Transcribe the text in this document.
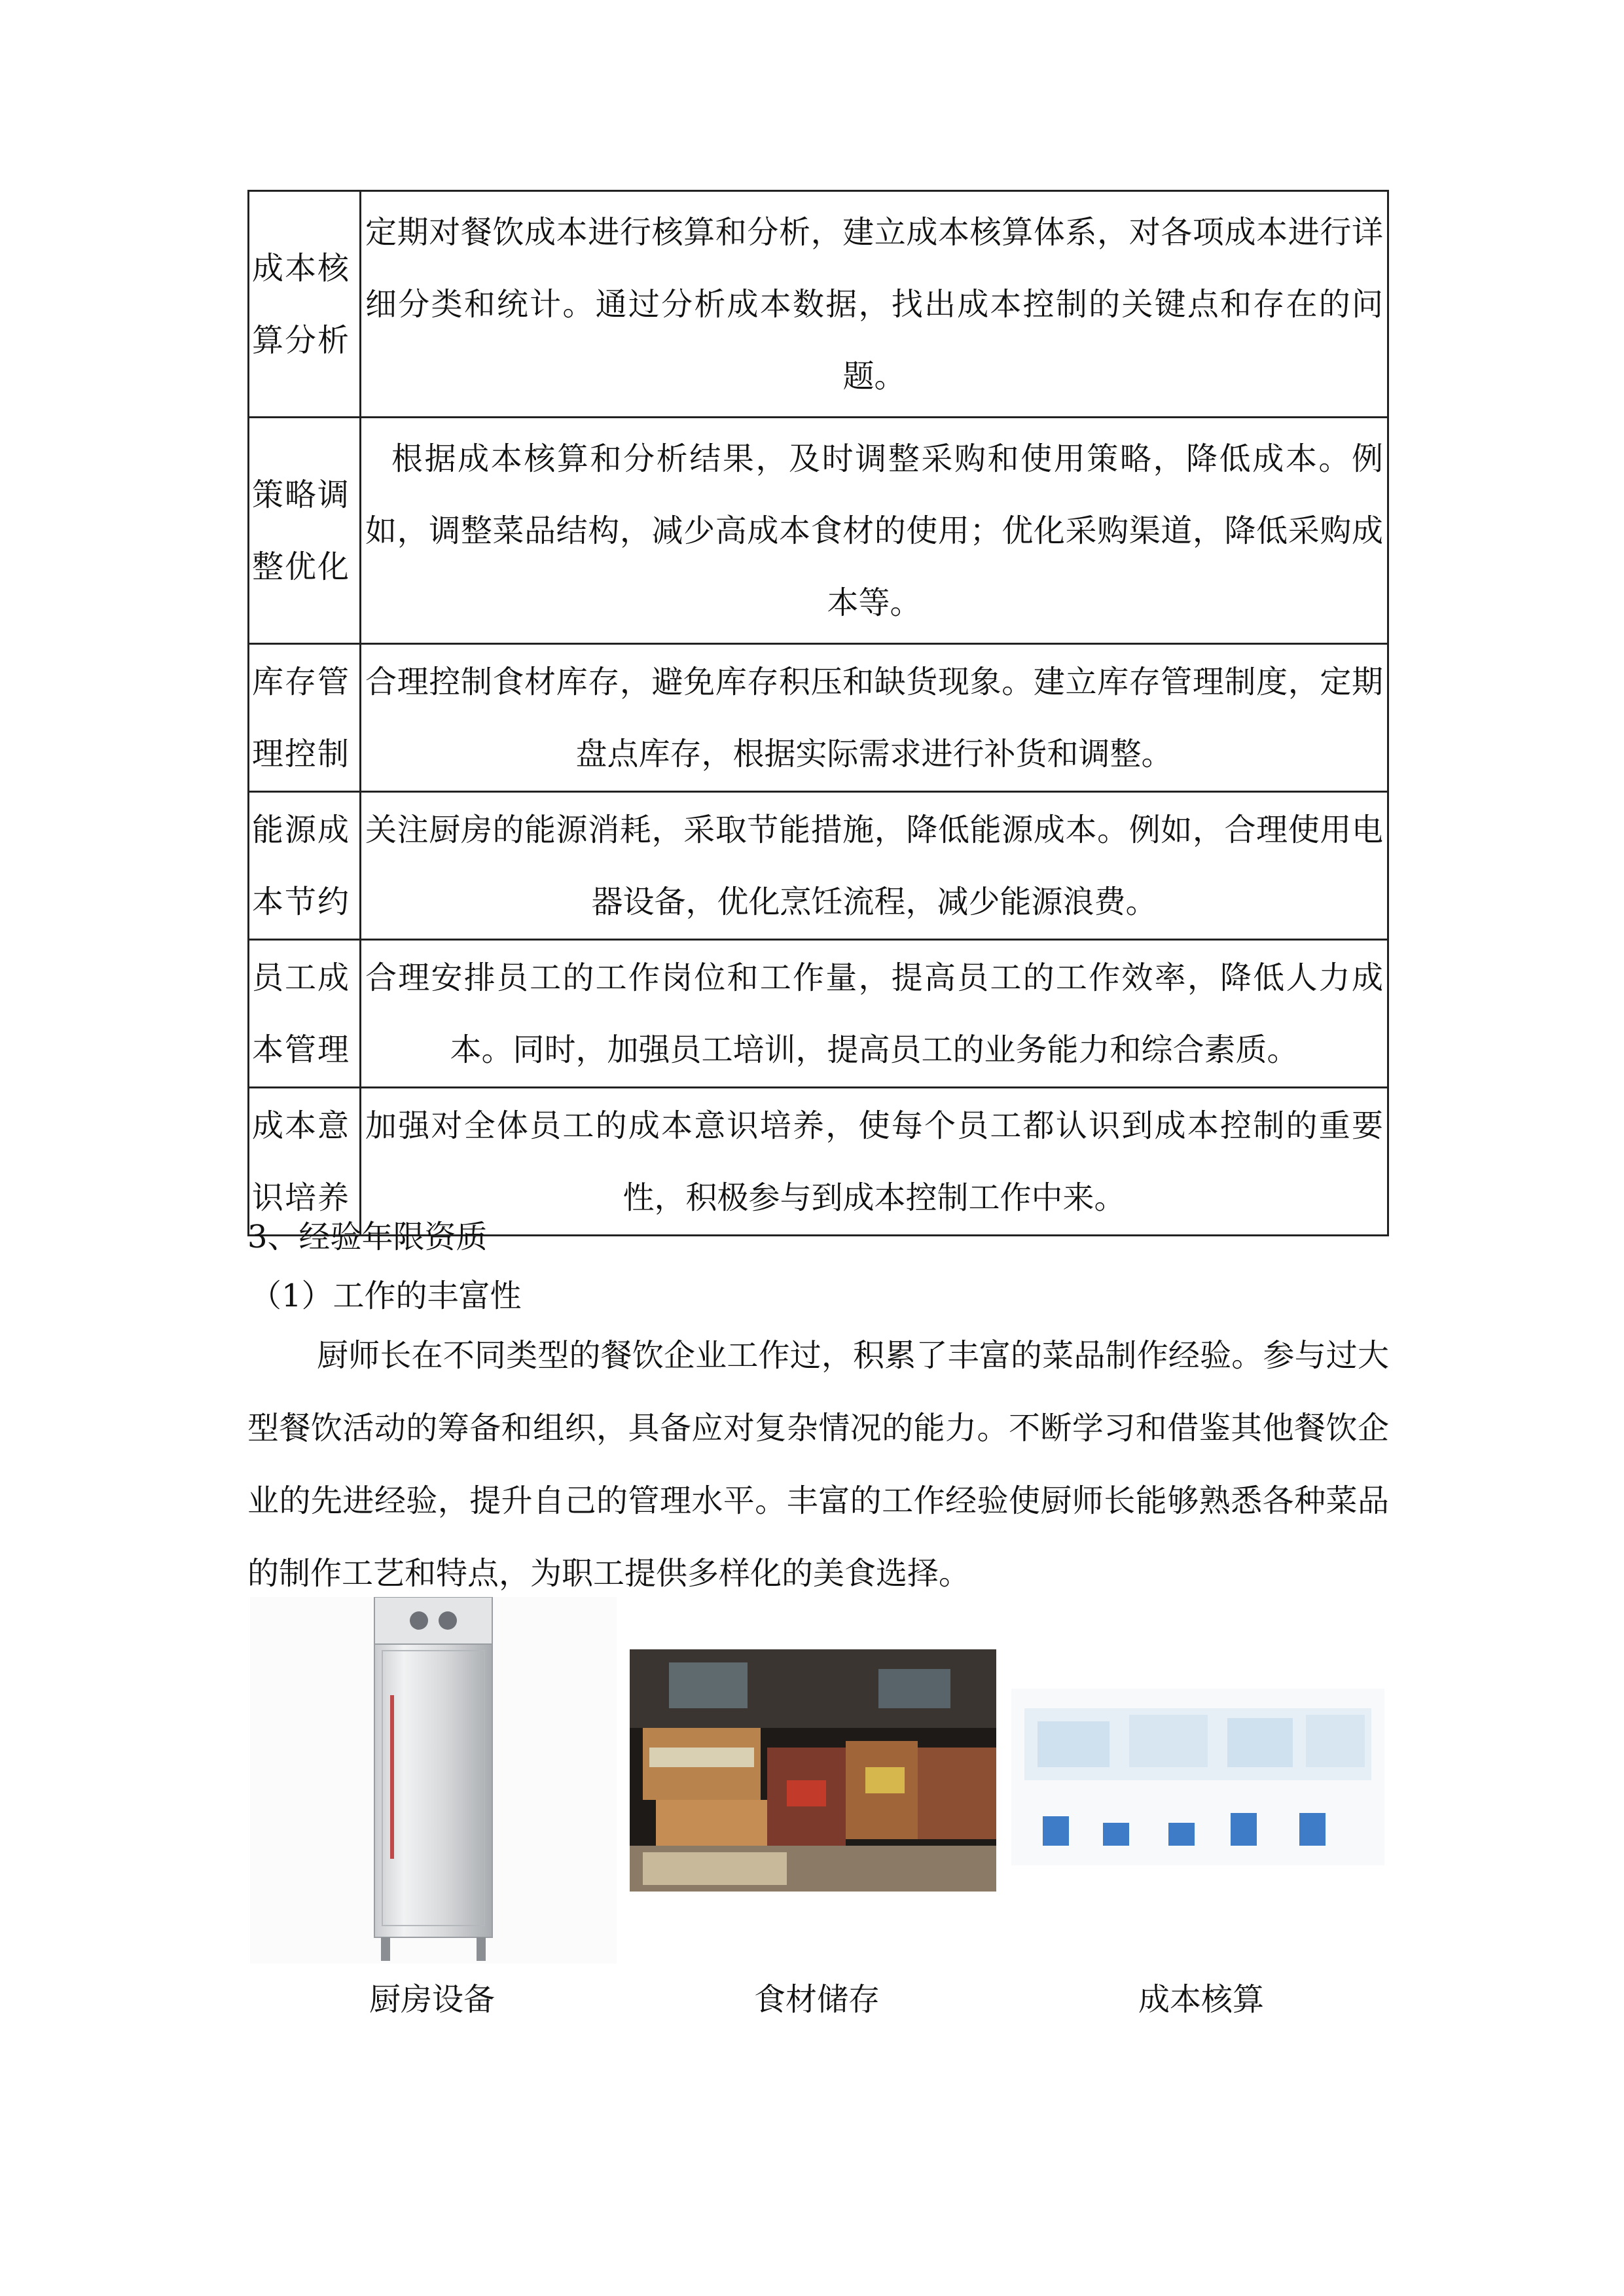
成本核算分析	定期对餐饮成本进行核算和分析，建立成本核算体系，对各项成本进行详细分类和统计。通过分析成本数据，找出成本控制的关键点和存在的问题。
策略调整优化	根据成本核算和分析结果，及时调整采购和使用策略，降低成本。例如，调整菜品结构，减少高成本食材的使用；优化采购渠道，降低采购成本等。
库存管理控制	合理控制食材库存，避免库存积压和缺货现象。建立库存管理制度，定期盘点库存，根据实际需求进行补货和调整。
能源成本节约	关注厨房的能源消耗，采取节能措施，降低能源成本。例如，合理使用电器设备，优化烹饪流程，减少能源浪费。
员工成本管理	合理安排员工的工作岗位和工作量，提高员工的工作效率，降低人力成本。同时，加强员工培训，提高员工的业务能力和综合素质。
成本意识培养	加强对全体员工的成本意识培养，使每个员工都认识到成本控制的重要性，积极参与到成本控制工作中来。
3、经验年限资质
（1）工作的丰富性
厨师长在不同类型的餐饮企业工作过，积累了丰富的菜品制作经验。参与过大型餐饮活动的筹备和组织，具备应对复杂情况的能力。不断学习和借鉴其他餐饮企业的先进经验，提升自己的管理水平。丰富的工作经验使厨师长能够熟悉各种菜品的制作工艺和特点，为职工提供多样化的美食选择。
厨房设备	食材储存	成本核算
